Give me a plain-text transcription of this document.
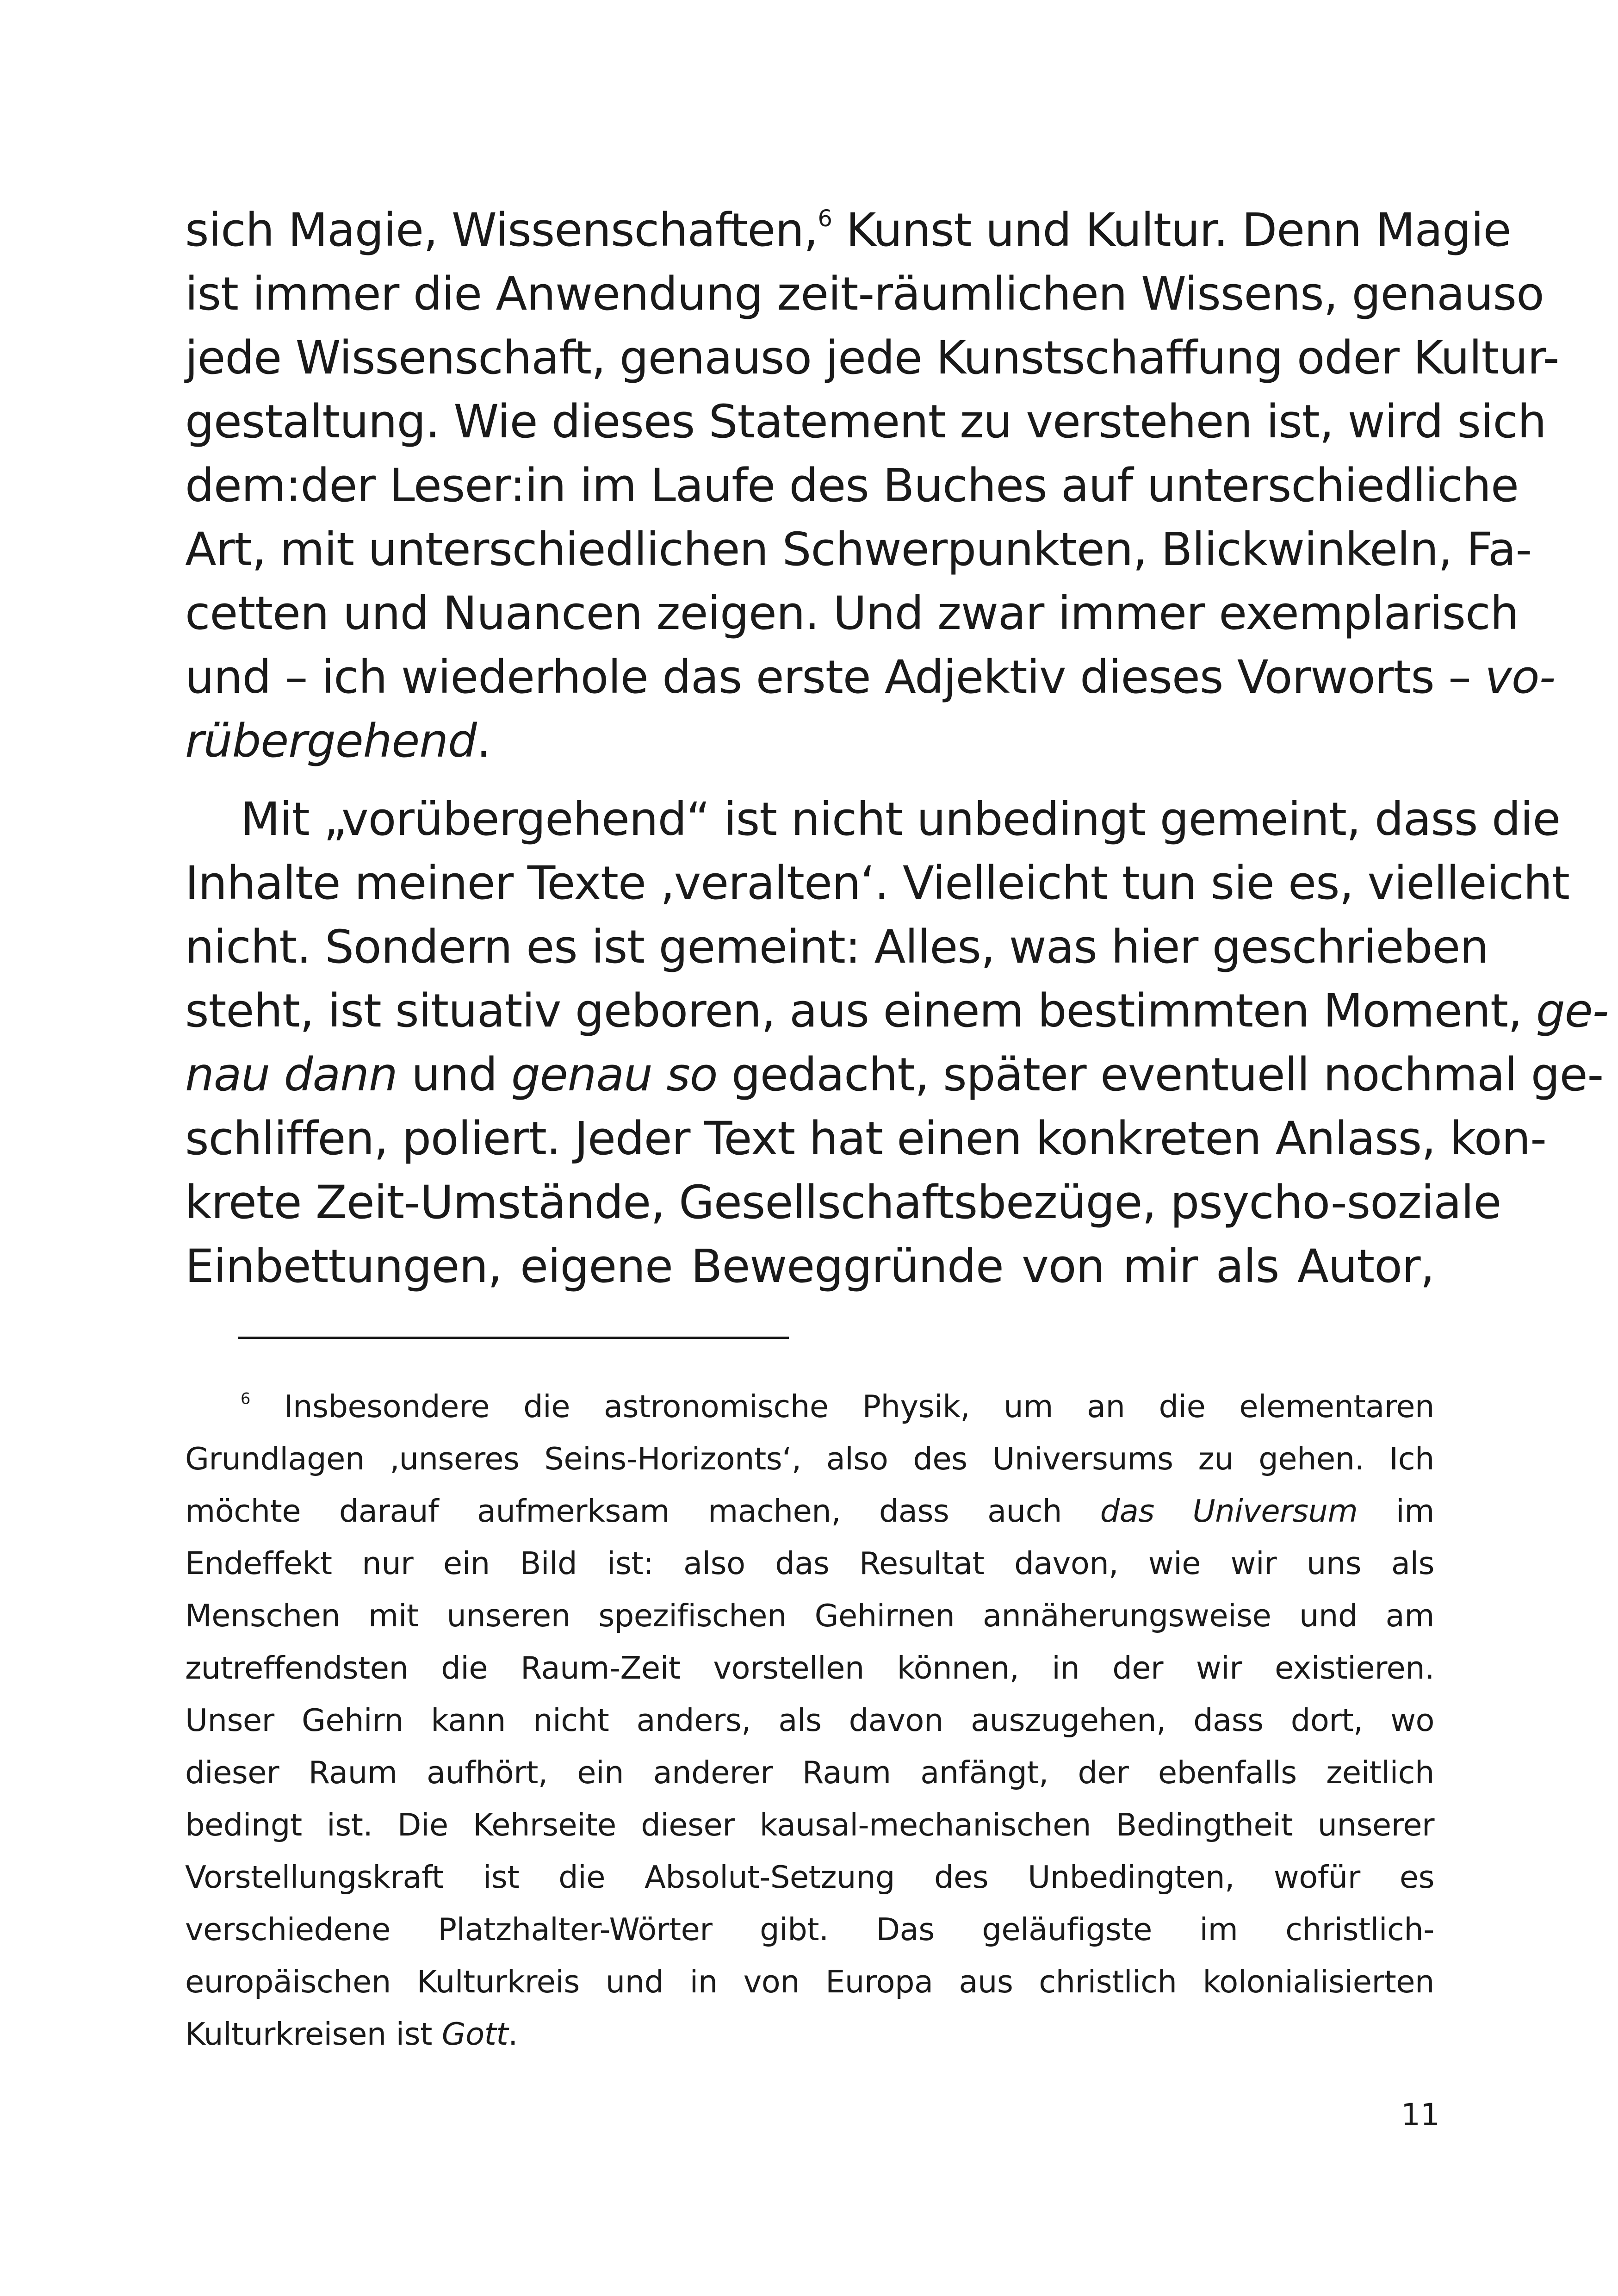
sich Magie, Wissenschaften,$^6$ Kunst und Kultur. Denn Magie
ist immer die Anwendung zeit-räumlichen Wissens, genauso
jede Wissenschaft, genauso jede Kunstschaffung oder Kultur-
gestaltung. Wie dieses Statement zu verstehen ist, wird sich
dem:der Leser:in im Laufe des Buches auf unterschiedliche
Art, mit unterschiedlichen Schwerpunkten, Blickwinkeln, Fa-
cetten und Nuancen zeigen. Und zwar immer exemplarisch
und – ich wiederhole das erste Adjektiv dieses Vorworts – vo-
rübergehend.
Mit „vorübergehend“ ist nicht unbedingt gemeint, dass die
Inhalte meiner Texte ‚veralten‘. Vielleicht tun sie es, vielleicht
nicht. Sondern es ist gemeint: Alles, was hier geschrieben
steht, ist situativ geboren, aus einem bestimmten Moment, ge-
nau dann und genau so gedacht, später eventuell nochmal ge-
schliffen, poliert. Jeder Text hat einen konkreten Anlass, kon-
krete Zeit-Umstände, Gesellschaftsbezüge, psycho-soziale
Einbettungen, eigene Beweggründe von mir als Autor,
$^6$ Insbesondere die astronomische Physik, um an die elementaren
Grundlagen ‚unseres Seins-Horizonts‘, also des Universums zu gehen. Ich
möchte darauf aufmerksam machen, dass auch das Universum im
Endeffekt nur ein Bild ist: also das Resultat davon, wie wir uns als
Menschen mit unseren spezifischen Gehirnen annäherungsweise und am
zutreffendsten die Raum-Zeit vorstellen können, in der wir existieren.
Unser Gehirn kann nicht anders, als davon auszugehen, dass dort, wo
dieser Raum aufhört, ein anderer Raum anfängt, der ebenfalls zeitlich
bedingt ist. Die Kehrseite dieser kausal-mechanischen Bedingtheit unserer
Vorstellungskraft ist die Absolut-Setzung des Unbedingten, wofür es
verschiedene Platzhalter-Wörter gibt. Das geläufigste im christlich-
europäischen Kulturkreis und in von Europa aus christlich kolonialisierten
Kulturkreisen ist Gott.
11
